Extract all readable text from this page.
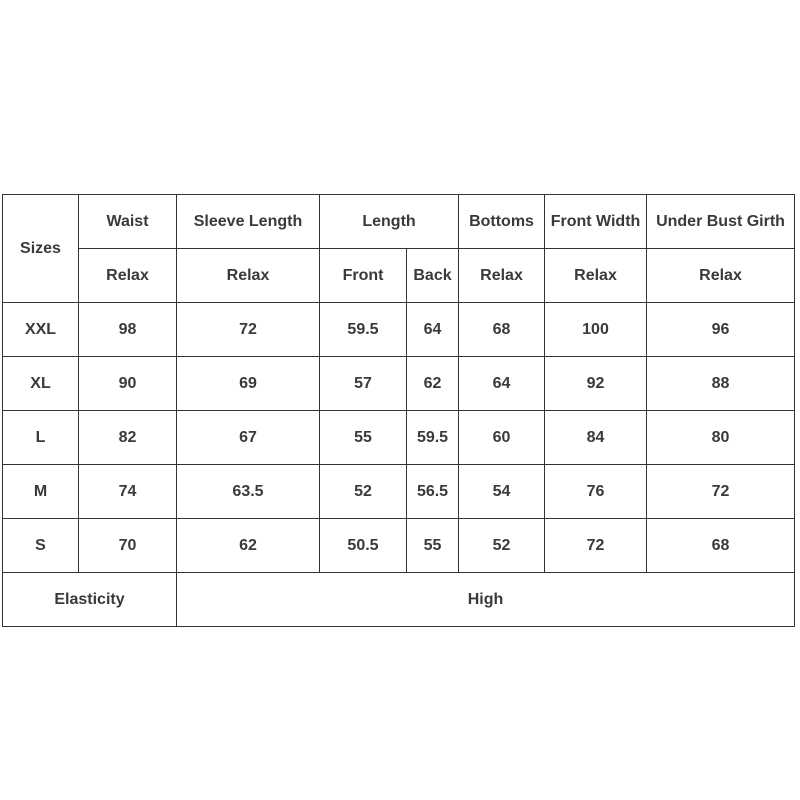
Sizes	Waist	Sleeve Length	Length		Bottoms	Front Width	Under Bust Girth
	Relax	Relax	Front	Back	Relax	Relax	Relax
XXL	98	72	59.5	64	68	100	96
XL	90	69	57	62	64	92	88
L	82	67	55	59.5	60	84	80
M	74	63.5	52	56.5	54	76	72
S	70	62	50.5	55	52	72	68
Elasticity		High					
